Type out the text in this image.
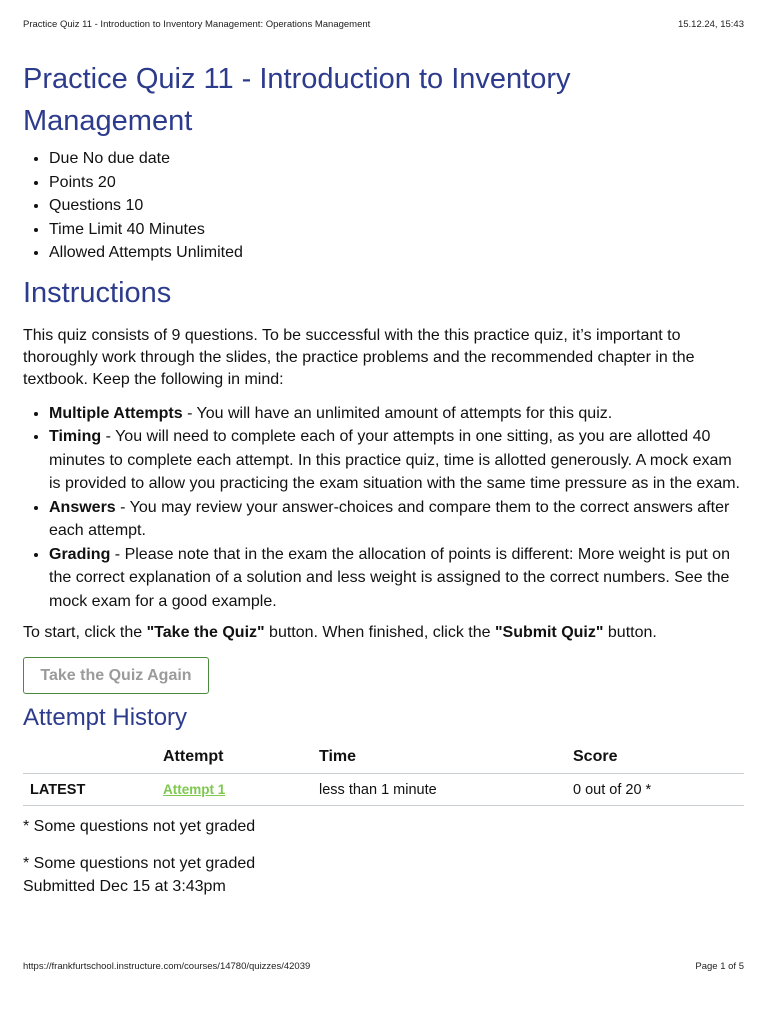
Practice Quiz 11 - Introduction to Inventory Management: Operations Management	15.12.24, 15:43
Practice Quiz 11 - Introduction to Inventory Management
• Due No due date
• Points 20
• Questions 10
• Time Limit 40 Minutes
• Allowed Attempts Unlimited
Instructions

This quiz consists of 9 questions. To be successful with the this practice quiz, it’s important to thoroughly work through the slides, the practice problems and the recommended chapter in the textbook. Keep the following in mind:

• Multiple Attempts - You will have an unlimited amount of attempts for this quiz.
• Timing - You will need to complete each of your attempts in one sitting, as you are allotted 40 minutes to complete each attempt. In this practice quiz, time is allotted generously. A mock exam is provided to allow you practicing the exam situation with the same time pressure as in the exam.
• Answers - You may review your answer-choices and compare them to the correct answers after each attempt.
• Grading - Please note that in the exam the allocation of points is different: More weight is put on the correct explanation of a solution and less weight is assigned to the correct numbers. See the mock exam for a good example.

To start, click the "Take the Quiz" button. When finished, click the "Submit Quiz" button.

Take the Quiz Again
Attempt History
	Attempt	Time	Score
LATEST	Attempt 1	less than 1 minute	0 out of 20 *
* Some questions not yet graded
* Some questions not yet graded
Submitted Dec 15 at 3:43pm
https://frankfurtschool.instructure.com/courses/14780/quizzes/42039	Page 1 of 5
